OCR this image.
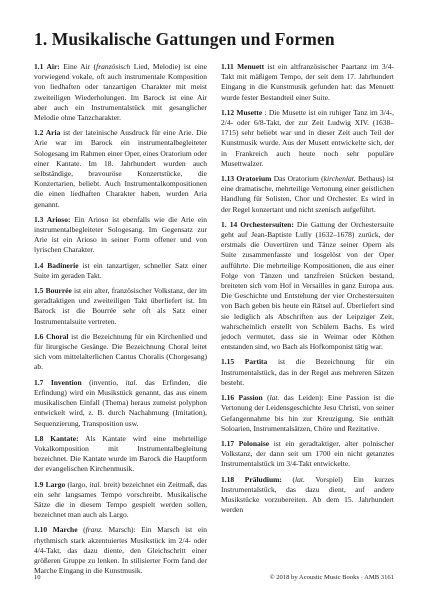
1. Musikalische Gattungen und Formen

1.1 Air: Eine Air (französisch Lied, Melodie) ist eine vorwiegend vokale, oft auch instrumentale Komposition von liedhaften oder tanzartigen Charakter mit meist zweiteiligen Wiederholungen. Im Barock ist eine Air aber auch ein Instrumentalstück mit gesanglicher Melodie ohne Tanzcharakter.

1.2 Aria ist der lateinische Ausdruck für eine Arie. Die Arie war im Barock ein instrumentalbegleiteter Sologesang im Rahmen einer Oper, eines Oratorium oder einer Kantate. Im 18. Jahrhundert wurden auch selbständige, bravouröse Konzertstücke, die Konzertarien, beliebt. Auch Instrumentalkompositionen die einen liedhaften Charakter haben, wurden Aria genannt.

1.3 Arioso: Ein Arioso ist ebenfalls wie die Arie ein instrumentalbegleiteter Sologesang. Im Gegensatz zur Arie ist ein Arioso in seiner Form offener und von lyrischen Charakter.

1.4 Badinerie ist ein tanzartiger, schneller Satz einer Suite im geraden Takt.

1.5 Bourrée ist ein alter, französischer Volkstanz, der im geradtaktigen und zweiteiligen Takt überliefert ist. Im Barock ist die Bourrée sehr oft als Satz einer Instrumentalsuite vertreten.

1.6 Choral ist die Bezeichnung für ein Kirchenlied und für liturgische Gesänge. Die Bezeichnung Choral leitet sich vom mittelalterlichen Cantus Choralis (Chorgesang) ab.

1.7 Invention (inventio, ital. das Erfinden, die Erfindung) wird ein Musikstück genannt, das aus einem musikalischen Einfall (Thema) heraus zumeist polyphon entwickelt wird, z. B. durch Nachahmung (Imitation), Sequenzierung, Transposition usw.

1.8 Kantate: Als Kantate wird eine mehrteilige Vokalkomposition mit Instrumentalbegleitung bezeichnet. Die Kantate wurde im Barock die Hauptform der evangelischen Kirchenmusik.

1.9 Largo (largo, ital. breit) bezeichnet ein Zeitmaß, das ein sehr langsames Tempo vorschreibt. Musikalische Sätze die in diesem Tempo gespielt werden sollen, bezeichnet man auch als Largo.

1.10 Marche (franz. Marsch): Ein Marsch ist ein rhythmisch stark akzentuiertes Musikstück im 2/4- oder 4/4-Takt, das dazu diente, den Gleichschritt einer größeren Gruppe zu lenken. In stilisierter Form fand der Marche Eingang in die Kunstmusik.

1.11 Menuett ist ein altfranzösischer Paartanz im 3/4-Takt mit mäßigem Tempo, der seit dem 17. Jahrhundert Eingang in die Kunstmusik gefunden hat: das Menuett wurde fester Bestandteil einer Suite.

1.12 Musette : Die Musette ist ein ruhiger Tanz im 3/4-, 2/4- oder 6/8-Takt, der zur Zeit Ludwig XIV. (1638–1715) sehr beliebt war und in dieser Zeit auch Teil der Kunstmusik wurde. Aus der Musett entwickelte sich, der in Frankreich auch heute noch sehr populäre Musettwalzer.

1.13 Oratorium Das Oratorium (kirchenlat. Bethaus) ist eine dramatische, mehrteilige Vertonung einer geistlichen Handlung für Solisten, Chor und Orchester. Es wird in der Regel konzertant und nicht szenisch aufgeführt.

1. 14 Orchestersuiten: Die Gattung der Orchestersuite geht auf Jean-Baptiste Lully (1632–1678) zurück, der erstmals die Ouvertüren und Tänze seiner Opern als Suite zusammenfasste und losgelöst von der Oper aufführte. Die mehrteilige Kompositionen, die aus einer Folge von Tänzen und tanzfreien Stücken bestand, breiteten sich vom Hof in Versailles in ganz Europa aus. Die Geschichte und Entstehung der vier Orchestersuiten von Bach geben bis heute ein Rätsel auf. Überliefert sind sie lediglich als Abschriften aus der Leipziger Zeit, wahrscheinlich erstellt von Schülern Bachs. Es wird jedoch vermutet, dass sie in Weimar oder Köthen entstanden sind, wo Bach als Hofkomponist tätig war.

1.15 Partita ist die Bezeichnung für ein Instrumentalstück, das in der Regel aus mehreren Sätzen besteht.

1.16 Passion (lat. das Leiden): Eine Passion ist die Vertonung der Leidensgeschichte Jesu Christi, von seiner Gefangennahme bis hin zur Kreuzigung. Sie enthält Soloarien, Instrumentalsätzen, Chöre und Rezitative.

1.17 Polonaise ist ein geradtaktiger, alter polnischer Volkstanz, der dann seit um 1700 ein nicht getanztes Instrumentalstück im 3/4-Takt entwickelte.

1.18 Präludium: (lat. Vorspiel) Ein kurzes Instrumentalstück, das dazu dient, auf andere Musikstücke vorzubereiten. Ab dem 15. Jahrhundert werden

10	© 2018 by Acoustic Music Books · AMB 3161
